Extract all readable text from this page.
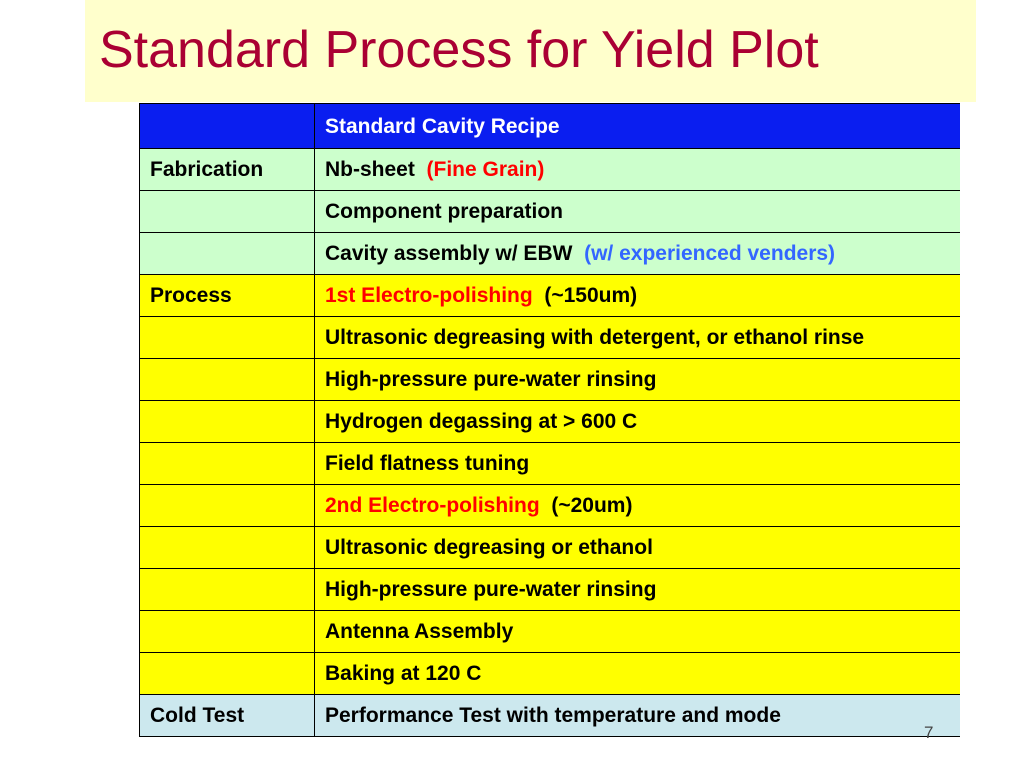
Standard Process for Yield Plot

	Standard Cavity Recipe

Fabrication	Nb-sheet (Fine Grain)

	Component preparation

	Cavity assembly w/ EBW (w/ experienced venders)

Process	1st Electro-polishing (~150um)

	Ultrasonic degreasing with detergent, or ethanol rinse

	High-pressure pure-water rinsing

	Hydrogen degassing at > 600 C

	Field flatness tuning

	2nd Electro-polishing (~20um)

	Ultrasonic degreasing or ethanol

	High-pressure pure-water rinsing

	Antenna Assembly

	Baking at 120 C

Cold Test	Performance Test with temperature and mode
7
